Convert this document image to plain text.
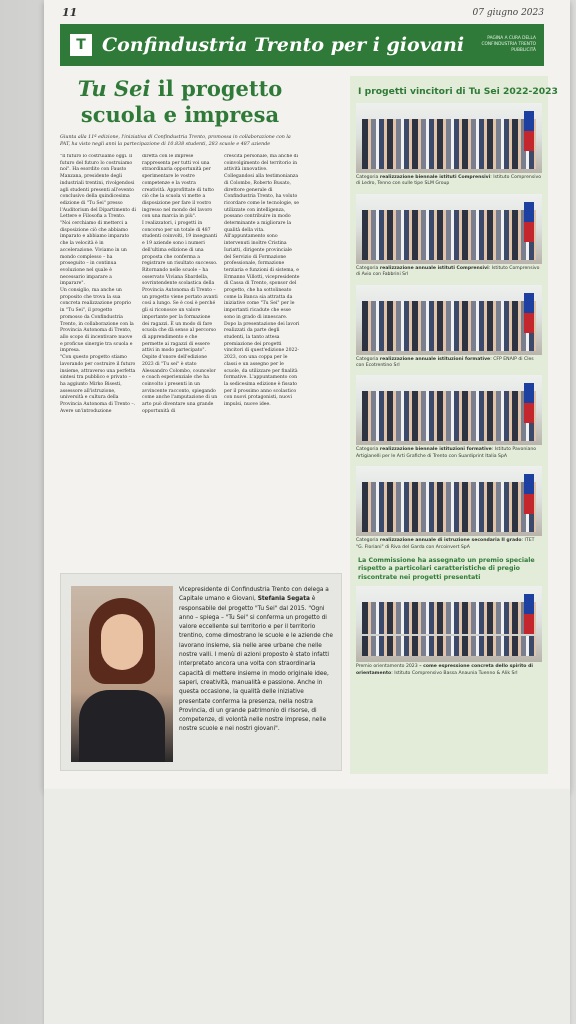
11	07 giugno 2023
T Confindustria Trento per i giovani	PAGINA A CURA DELLA CONFINDUSTRIA TRENTO PUBBLICITÀ
Tu Sei il progetto scuola e impresa
Giunta alla 11ª edizione, l'iniziativa di Confindustria Trento, promossa in collaborazione con la PAT, ha visto negli anni la partecipazione di 10.838 studenti, 283 scuole e 487 aziende
"Il futuro lo costruiamo oggi. Il futuro del futuro lo costruiamo noi". Ha esordito con Fausto Manzana, presidente degli industriali trentini, rivolgendosi agli studenti presenti all'evento conclusivo della quindicesima edizione di "Tu Sei" presso l'Auditorium del Dipartimento di Lettere e Filosofia a Trento. "Noi cerchiamo di metterci a disposizione ciò che abbiamo imparato e abbiamo imparato che la velocità è in accelerazione. Viviamo in un mondo complesso – ha proseguito – in continua evoluzione nel quale è necessario imparare a imparare".
Un consiglio, ma anche un proposito che trova la sua concreta realizzazione proprio in "Tu Sei", il progetto promosso da Confindustria Trento, in collaborazione con la Provincia Autonoma di Trento, allo scopo di incentivare nuove e proficue sinergie tra scuola e impresa.
"Con questo progetto stiamo lavorando per costruire il futuro insieme, attraverso una perfetta sintesi tra pubblico e privato – ha aggiunto Mirko Bisesti, assessore all'istruzione, università e cultura della Provincia Autonoma di Trento –. Avere un'introduzione
diretta con le imprese rappresenta per tutti voi una straordinaria opportunità per sperimentare le vostre competenze e la vostra creatività. Approfittate di tutto ciò che la scuola vi mette a disposizione per fare il vostro ingresso nel mondo del lavoro con una marcia in più".
I realizzatori, i progetti in concorso per un totale di 487 studenti coinvolti, 19 insegnanti e 19 aziende sono i numeri dell'ultima edizione di una proposta che conferma a registrare un risultato successo. Ritornando nelle scuole – ha osservato Viviana Sbardella, sovrintendente scolastica della Provincia Autonoma di Trento – un progetto viene portato avanti così a lungo. Se è così è perché gli si riconosce un valore importante per la formazione dei ragazzi. È un modo di fare scuola che dà senso al percorso di apprendimento e che permette ai ragazzi di essere attivi in modo partecipato".
Ospite d'onore dell'edizione 2023 di "Tu sei" è stato Alessandro Colombo, councelor e coach esperienziale che ha coinvolto i presenti in un avvincente racconto, spiegando come anche l'amputazione di un arto può diventare una grande opportunità di
crescita personale, ma anche di coinvolgimento del territorio in attività innovative.
Collegandosi alla testimonianza di Colombo, Roberto Busato, direttore generale di Confindustria Trento, ha voluto ricordare come le tecnologie, se utilizzate con intelligenza, possano contribuire in modo determinante a migliorare la qualità della vita.
All'appuntamento sono intervenuti inoltre Cristina Iuriatti, dirigente provinciale del Servizio di Formazione professionale, formazione terziaria e funzioni di sistema, e Ermanno Villotti, vicepresidente di Cassa di Trento, sponsor del progetto, che ha sottolineato come la Banca sia attratta da iniziative come "Tu Sei" per le importanti ricadute che esse sono in grado di innescare.
Dopo la presentazione dei lavori realizzati da parte degli studenti, la tanto attesa premiazione dei progetti vincitori di quest'edizione 2022-2023, con una coppa per le classi e un assegno per le scuole, da utilizzare per finalità formative. L'appuntamento con la sedicesima edizione è fissato per il prossimo anno scolastico con nuovi protagonisti, nuovi impulsi, nuove idee.
Vicepresidente di Confindustria Trento con delega a Capitale umano e Giovani, Stefania Segata è responsabile del progetto "Tu Sei" dal 2015. "Ogni anno – spiega – "Tu Sei" si conferma un progetto di valore eccellente sul territorio e per il territorio trentino, come dimostrano le scuole e le aziende che lavorano insieme, sia nelle aree urbane che nelle nostre valli. I menù di azioni proposto è stato infatti interpretato ancora una volta con straordinaria capacità di mettere insieme in modo originale idee, saperi, creatività, manualità e passione. Anche in questa occasione, la qualità delle iniziative presentate conferma la presenza, nella nostra Provincia, di un grande patrimonio di risorse, di competenze, di volontà nelle nostre imprese, nelle nostre scuole e nei nostri giovani".
I progetti vincitori di Tu Sei 2022-2023
Categoria realizzazione biennale istituti Comprensivi: Istituto Comprensivo di Ledro, Tenno con sulle tipe SLM Group
Categoria realizzazione annuale istituti Comprensivi: Istituto Comprensivo di Avio con Fabbrini Srl
Categoria realizzazione annuale istituzioni formative: CFP ENAIP di Cles con Ecotrentino Srl
Categoria realizzazione biennale istituzioni formative: Istituto Pavoniano Artigianelli per le Arti Grafiche di Trento con Suardiprint Italia SpA
Categoria realizzazione annuale di istruzione secondaria II grado: ITET "G. Floriani" di Riva del Garda con Arcoinvert SpA
La Commissione ha assegnato un premio speciale rispetto a particolari caratteristiche di pregio riscontrate nei progetti presentati
Premio orientamento 2023 – come espressione concreta dello spirito di orientamento: Istituto Comprensivo Bassa Anaunia Tuenno & Alik Srl
